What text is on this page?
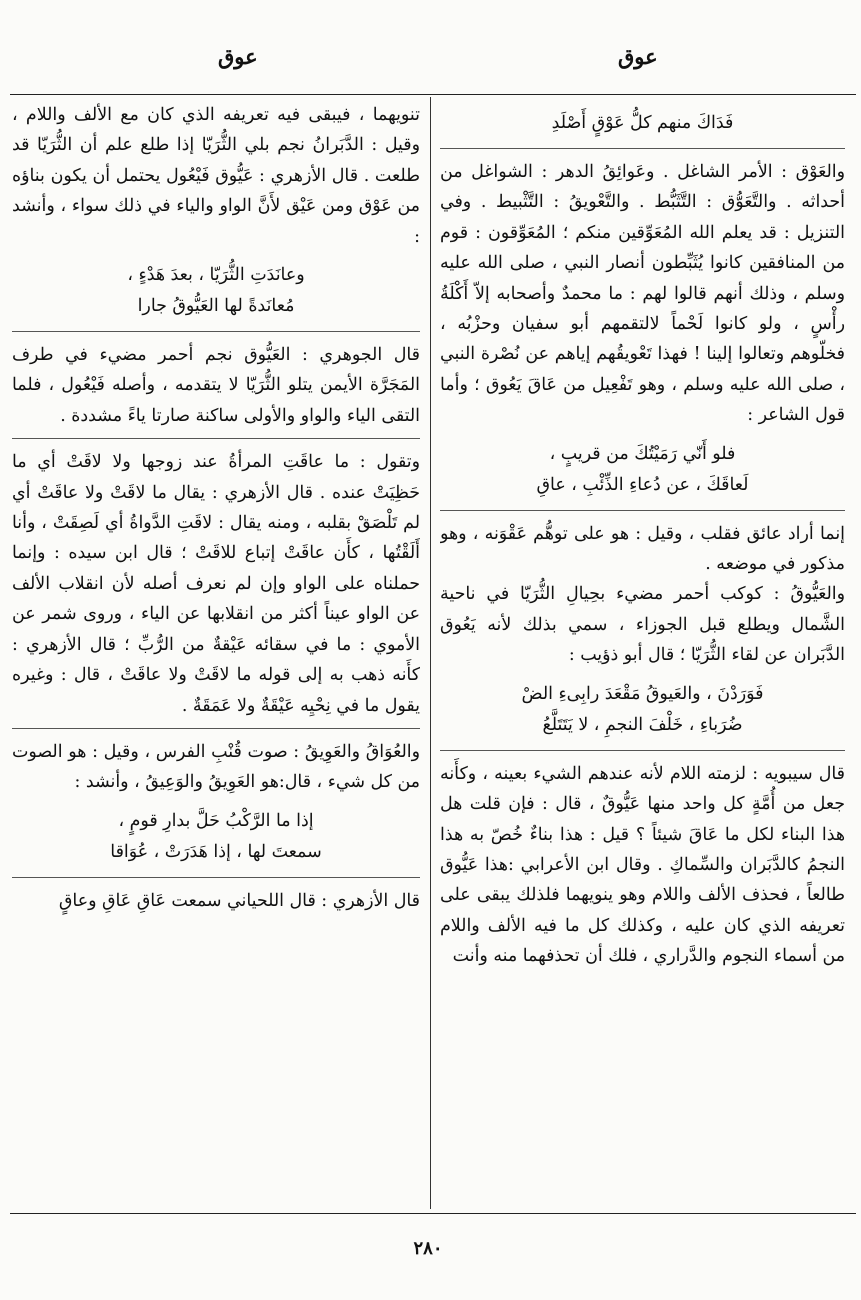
عوق
عوق
فَدَاكَ منهم كلُّ عَوْقٍ أَصْلَدِ

والعَوْق : الأمر الشاغل . وعَوائِقُ الدهر : الشواغل من أحداثه . والتَّعَوُّق : التَّثَبُّط . والتَّعْويقُ : التَّثْبيط . وفي التنزيل : قد يعلم الله المُعَوِّقين منكم ؛ المُعَوِّقون : قوم من المنافقين كانوا يُثَبِّطون أنصار النبي ، صلى الله عليه وسلم ، وذلك أنهم قالوا لهم : ما محمدٌ وأصحابه إلاّ أَكْلَةُ رأْسٍ ، ولو كانوا لَحْماً لالتقمهم أبو سفيان وحزْبُه ، فخلّوهم وتعالوا إلينا ! فهذا تَعْويقُهم إياهم عن نُصْرة النبي ، صلى الله عليه وسلم ، وهو تَفْعِيل من عَاقَ يَعُوق ؛ وأما قول الشاعر :

فلو أَنّي رَمَيْتُكَ من قريبٍ ،
لَعاقَكَ ، عن دُعاءِ الذِّئْبِ ، عاقِ

إنما أراد عائق فقلب ، وقيل : هو على توهُّم عَقْوَنه ، وهو مذكور في موضعه .

والعَيُّوقُ : كوكب أحمر مضيء بحِيالِ الثُّرَيّا في ناحية الشَّمال ويطلع قبل الجوزاء ، سمي بذلك لأنه يَعُوق الدَّبَران عن لقاء الثُّرَيّا ؛ قال أبو ذؤيب :

فَوَرَدْنَ ، والعَيوقُ مَقْعَدَ رابِىءِ الضْ
ضُرَباءِ ، خَلْفَ النجمِ ، لا يَتَتَلَّعُ

قال سيبويه : لزمته اللام لأنه عندهم الشيء بعينه ، وكأَنه جعل من أُمَّةٍ كل واحد منها عَيُّوقٌ ، قال : فإن قلت هل هذا البناء لكل ما عَاقَ شيئاً ؟ قيل : هذا بناءٌ خُصّ به هذا النجمُ كالدَّبَران والسِّماكِ . وقال ابن الأعرابي :هذا عَيُّوق طالعاً ، فحذف الألف واللام وهو ينويهما فلذلك يبقى على تعريفه الذي كان عليه ، وكذلك كل ما فيه الألف واللام من أسماء النجوم والدَّراري ، فلك أن تحذفهما منه وأنت

تنويهما ، فيبقى فيه تعريفه الذي كان مع الألف واللام ، وقيل : الدَّبَرانُ نجم بلي الثُّرَيّا إذا طلع علم أن الثُّرَيّا قد طلعت . قال الأزهري : عَيُّوق فَيْعُول يحتمل أن يكون بناؤه من عَوْق ومن عَيْق لأَنَّ الواو والياء في ذلك سواء ، وأنشد :

وعانَدَتِ الثُّرَيّا ، بعدَ هَدْءٍ ،
مُعانَدةً لها العَيُّوقُ جارا

قال الجوهري : العَيُّوق نجم أحمر مضيء في طرف المَجَرَّة الأيمن يتلو الثُّرَيّا لا يتقدمه ، وأصله فَيْعُول ، فلما التقى الياء والواو والأولى ساكنة صارتا ياءً مشددة .

وتقول : ما عاقَتِ المرأةُ عند زوجها ولا لاقَتْ أي ما حَظِيَتْ عنده . قال الأزهري : يقال ما لاقَتْ ولا عاقَتْ أي لم تَلْصَقْ بقلبه ، ومنه يقال : لاقَتِ الدَّواةُ أي لَصِقَتْ ، وأنا أَلَقْتُها ، كأَن عاقَتْ إتباع للاقَتْ ؛ قال ابن سيده : وإنما حملناه على الواو وإن لم نعرف أصله لأن انقلاب الألف عن الواو عيناً أكثر من انقلابها عن الياء ، وروى شمر عن الأموي : ما في سقائه عَيْقةٌ من الرُّبِّ ؛ قال الأزهري : كأَنه ذهب به إلى قوله ما لاقَتْ ولا عاقَتْ ، قال : وغيره يقول ما في نِحْيِه عَيْقَةٌ ولا عَمَقَةٌ .

والعُوَاقُ والعَوِيقُ : صوت قُنْبِ الفرس ، وقيل : هو الصوت من كل شيء ، قال:هو العَوِيقُ والوَعِيقُ ، وأنشد :

إذا ما الرَّكْبُ حَلَّ بدارِ قومٍ ،
سمعتَ لها ، إذا هَدَرَتْ ، عُوَاقا

قال الأزهري : قال اللحياني سمعت عَاقِ عَاقِ وعاقٍ

٢٨٠
